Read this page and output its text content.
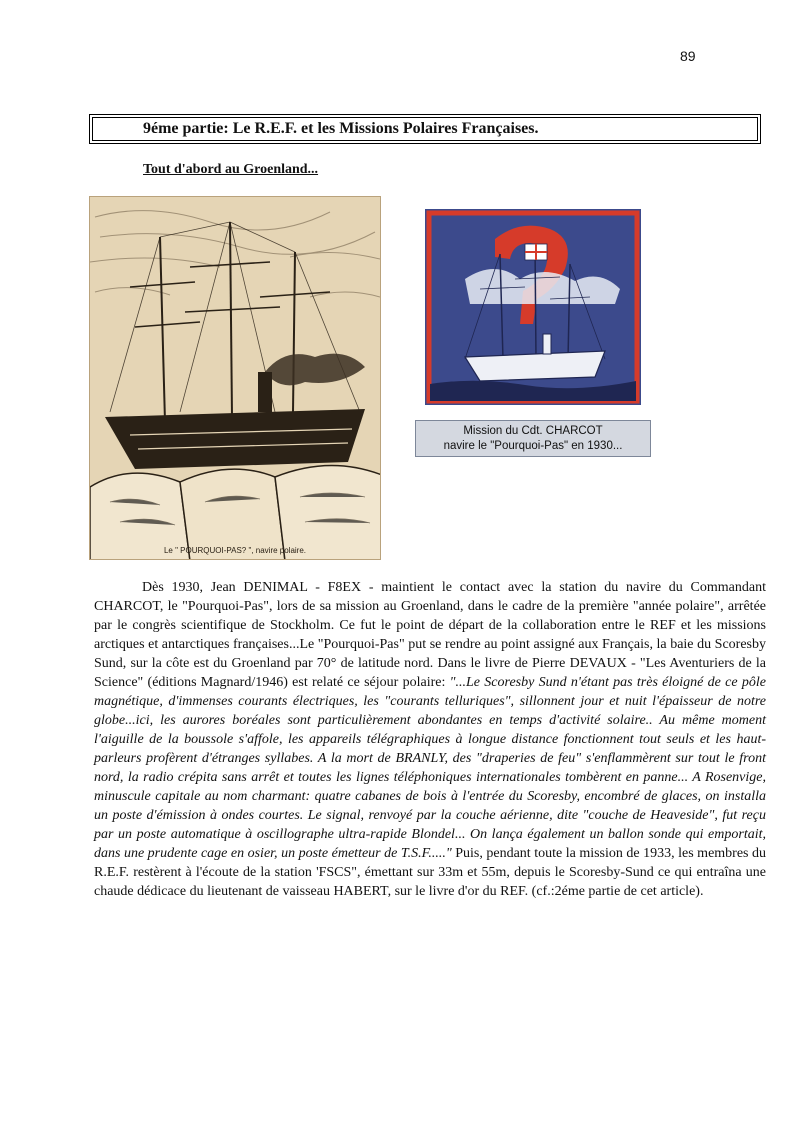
89
9éme partie: Le R.E.F. et les Missions Polaires Françaises.
Tout d'abord au Groenland...
Le " POURQUOI-PAS? ", navire polaire.
Mission du Cdt. CHARCOT
navire le "Pourquoi-Pas" en 1930...
Dès 1930, Jean DENIMAL - F8EX - maintient le contact avec la station du navire du Commandant CHARCOT, le "Pourquoi-Pas", lors de sa mission au Groenland, dans le cadre de la première "année polaire", arrêtée par le congrès scientifique de Stockholm. Ce fut le point de départ de la collaboration entre le REF et les missions arctiques et antarctiques françaises...Le "Pourquoi-Pas" put se rendre au point assigné aux Français, la baie du Scoresby Sund, sur la côte est du Groenland par 70° de latitude nord. Dans le livre de Pierre DEVAUX - "Les Aventuriers de la Science" (éditions Magnard/1946) est relaté ce séjour polaire: "...Le Scoresby Sund n'étant pas très éloigné de ce pôle magnétique, d'immenses courants électriques, les "courants telluriques", sillonnent jour et nuit l'épaisseur de notre globe...ici, les aurores boréales sont particulièrement abondantes en temps d'activité solaire.. Au même moment l'aiguille de la boussole s'affole, les appareils télégraphiques à longue distance fonctionnent tout seuls et les haut-parleurs profèrent d'étranges syllabes. A la mort de BRANLY, des "draperies de feu" s'enflammèrent sur tout le front nord, la radio crépita sans arrêt et toutes les lignes téléphoniques internationales tombèrent en panne... A Rosenvige, minuscule capitale au nom charmant: quatre cabanes de bois à l'entrée du Scoresby, encombré de glaces, on installa un poste d'émission à ondes courtes. Le signal, renvoyé par la couche aérienne, dite "couche de Heaveside", fut reçu par un poste automatique à oscillographe ultra-rapide Blondel... On lança également un ballon sonde qui emportait, dans une prudente cage en osier, un poste émetteur de T.S.F....." Puis, pendant toute la mission de 1933, les membres du R.E.F. restèrent à l'écoute de la station 'FSCS", émettant sur 33m et 55m, depuis le Scoresby-Sund ce qui entraîna une chaude dédicace du lieutenant de vaisseau HABERT, sur le livre d'or du REF. (cf.:2éme partie de cet article).
